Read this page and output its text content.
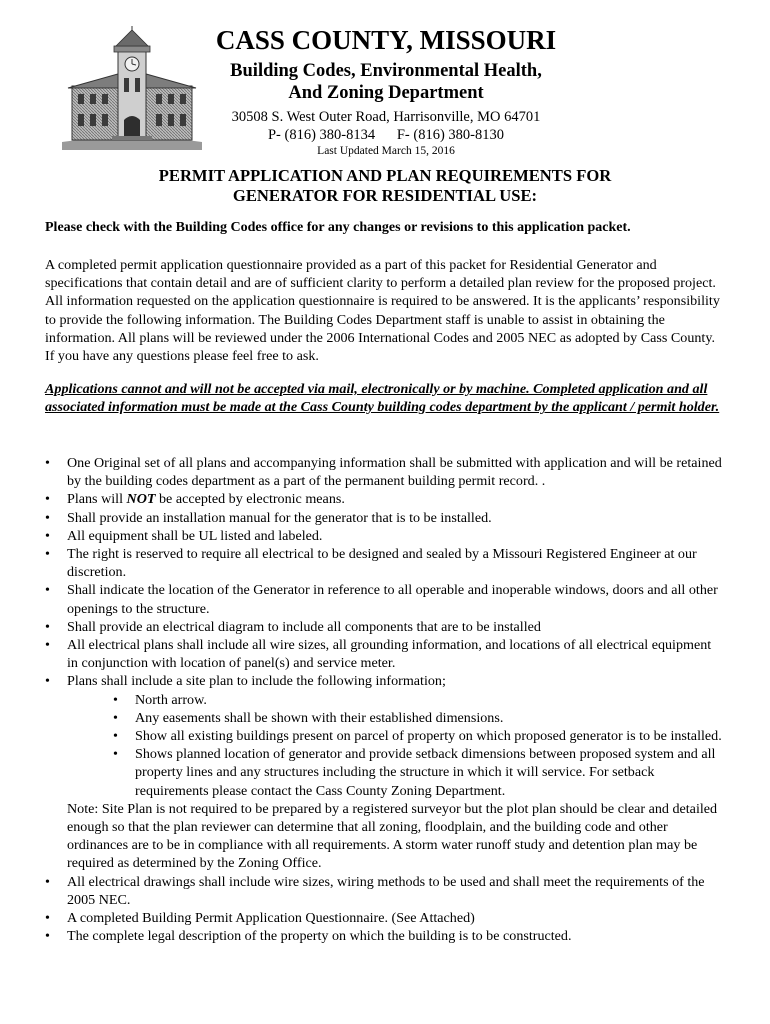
CASS COUNTY, MISSOURI
Building Codes, Environmental Health,
And Zoning Department
30508 S. West Outer Road, Harrisonville, MO 64701
P- (816) 380-8134      F- (816) 380-8130
Last Updated March 15, 2016
PERMIT APPLICATION AND PLAN REQUIREMENTS FOR
GENERATOR FOR RESIDENTIAL USE:
Please check with the Building Codes office for any changes or revisions to this application packet.
A completed permit application questionnaire provided as a part of this packet for Residential Generator and specifications that contain detail and are of sufficient clarity to perform a detailed plan review for the proposed project. All information requested on the application questionnaire is required to be answered. It is the applicants’ responsibility to provide the following information. The Building Codes Department staff is unable to assist in obtaining the information. All plans will be reviewed under the 2006 International Codes and 2005 NEC as adopted by Cass County. If you have any questions please feel free to ask.
Applications cannot and will not be accepted via mail, electronically or by machine. Completed application and all associated information must be made at the Cass County building codes department by the applicant / permit holder.
•	One Original set of all plans and accompanying information shall be submitted with application and will be retained by the building codes department as a part of the permanent building permit record. .
•	Plans will NOT be accepted by electronic means.
•	Shall provide an installation manual for the generator that is to be installed.
•	All equipment shall be UL listed and labeled.
•	The right is reserved to require all electrical to be designed and sealed by a Missouri Registered Engineer at our discretion.
•	Shall indicate the location of the Generator in reference to all operable and inoperable windows, doors and all other openings to the structure.
•	Shall provide an electrical diagram to include all components that are to be installed
•	All electrical plans shall include all wire sizes, all grounding information, and locations of all electrical equipment in conjunction with location of panel(s) and service meter.
•	Plans shall include a site plan to include the following information;
•	North arrow.
•	Any easements shall be shown with their established dimensions.
•	Show all existing buildings present on parcel of property on which proposed generator is to be installed.
•	Shows planned location of generator and provide setback dimensions between proposed system and all property lines and any structures including the structure in which it will service. For setback requirements please contact the Cass County Zoning Department.
Note: Site Plan is not required to be prepared by a registered surveyor but the plot plan should be clear and detailed enough so that the plan reviewer can determine that all zoning, floodplain, and the building code and other ordinances are to be in compliance with all requirements. A storm water runoff study and detention plan may be required as determined by the Zoning Office.
•	All electrical drawings shall include wire sizes, wiring methods to be used and shall meet the requirements of the 2005 NEC.
•	A completed Building Permit Application Questionnaire. (See Attached)
•	The complete legal description of the property on which the building is to be constructed.
